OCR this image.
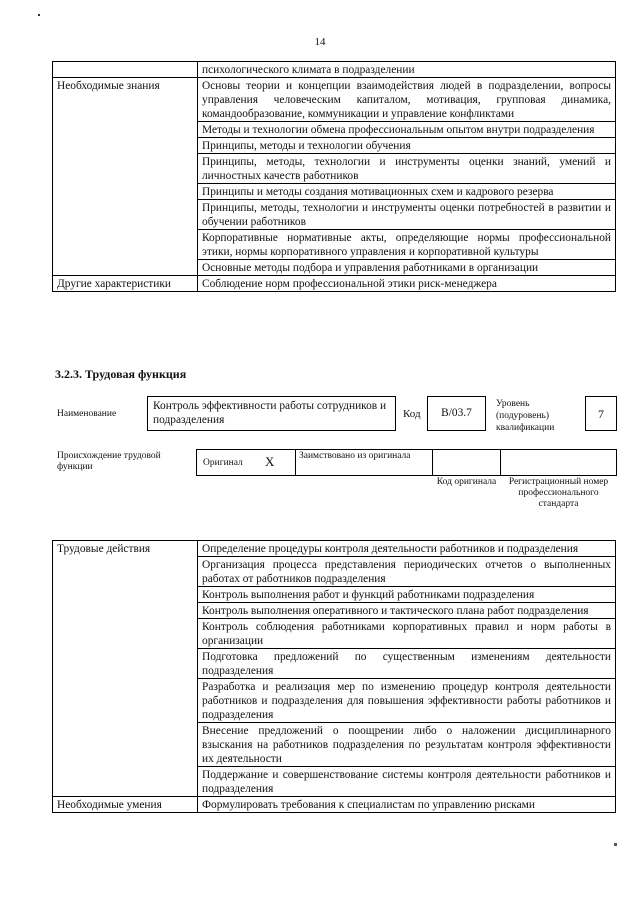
14
	психологического климата в подразделении
Необходимые знания	Основы теории и концепции взаимодействия людей в подразделении, вопросы управления человеческим капиталом, мотивация, групповая динамика, командообразование, коммуникации и управление конфликтами
	Методы и технологии обмена профессиональным опытом внутри подразделения
	Принципы, методы и технологии обучения
	Принципы, методы, технологии и инструменты оценки знаний, умений и личностных качеств работников
	Принципы и методы создания мотивационных схем и кадрового резерва
	Принципы, методы, технологии и инструменты оценки потребностей в развитии и обучении работников
	Корпоративные нормативные акты, определяющие нормы профессиональной этики, нормы корпоративного управления и корпоративной культуры
	Основные методы подбора и управления работниками в организации
Другие характеристики	Соблюдение норм профессиональной этики риск-менеджера
3.2.3. Трудовая функция
Наименование
Контроль эффективности работы сотрудников и подразделения	Код	B/03.7
Уровень (подуровень) квалификации
7
Происхождение трудовой функции	Оригинал X	Заимствовано из оригинала
Код оригинала	Регистрационный номер профессионального стандарта
Трудовые действия	Определение процедуры контроля деятельности работников и подразделения
	Организация процесса представления периодических отчетов о выполненных работах от работников подразделения
	Контроль выполнения работ и функций работниками подразделения
	Контроль выполнения оперативного и тактического плана работ подразделения
	Контроль соблюдения работниками корпоративных правил и норм работы в организации
	Подготовка предложений по существенным изменениям деятельности подразделения
	Разработка и реализация мер по изменению процедур контроля деятельности работников и подразделения для повышения эффективности работы работников и подразделения
	Внесение предложений о поощрении либо о наложении дисциплинарного взыскания на работников подразделения по результатам контроля эффективности их деятельности
	Поддержание и совершенствование системы контроля деятельности работников и подразделения
Необходимые умения	Формулировать требования к специалистам по управлению рисками
